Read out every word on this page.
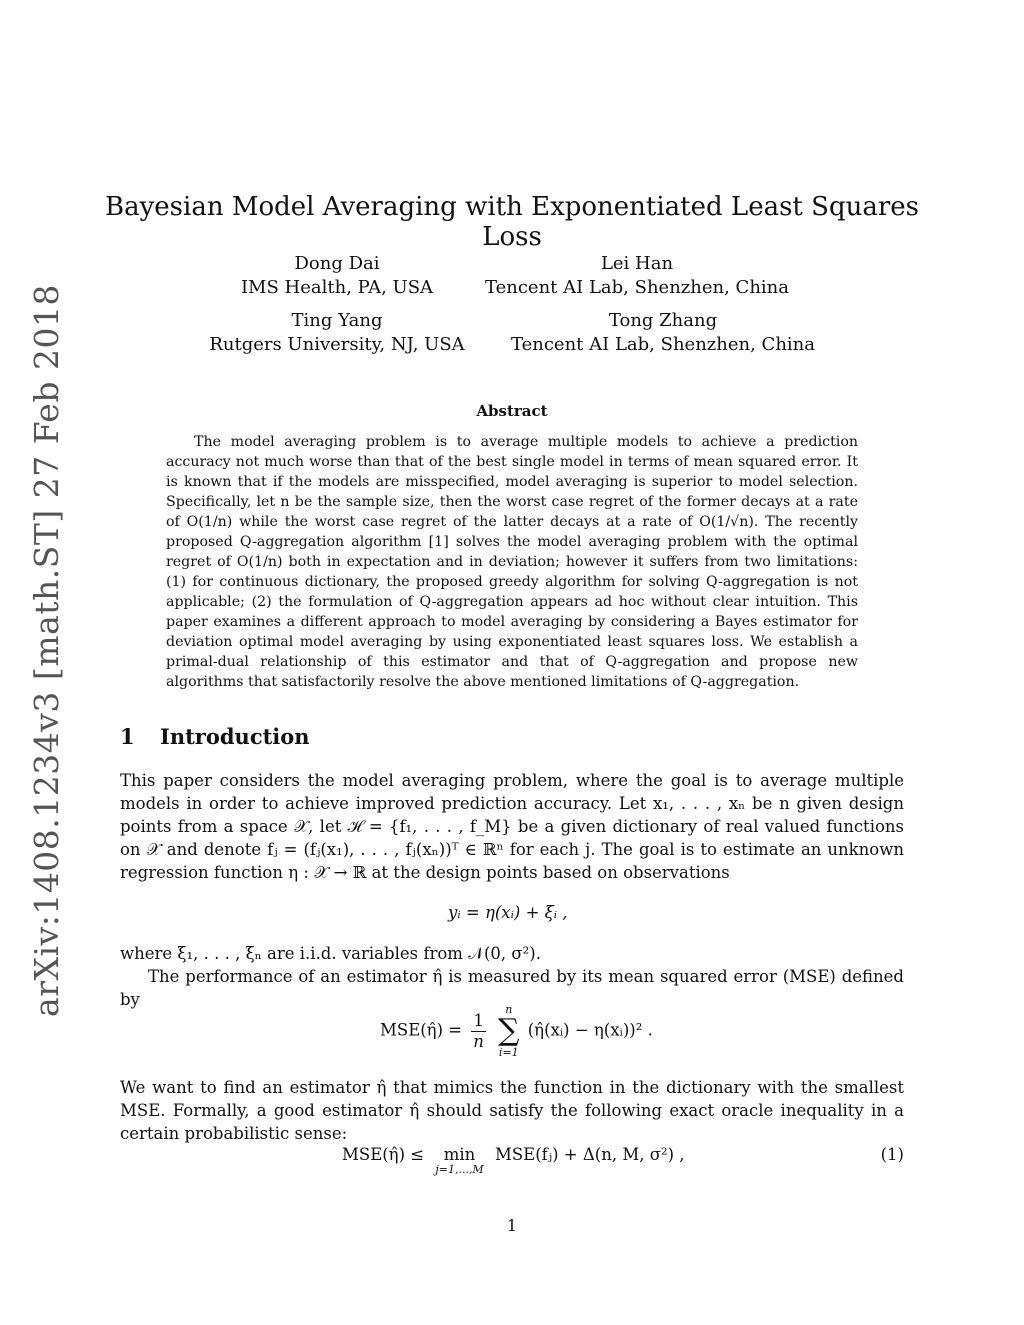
arXiv:1408.1234v3 [math.ST] 27 Feb 2018
Bayesian Model Averaging with Exponentiated Least Squares Loss
Dong Dai
IMS Health, PA, USA
Lei Han
Tencent AI Lab, Shenzhen, China
Ting Yang
Rutgers University, NJ, USA
Tong Zhang
Tencent AI Lab, Shenzhen, China
Abstract
The model averaging problem is to average multiple models to achieve a prediction accuracy not much worse than that of the best single model in terms of mean squared error. It is known that if the models are misspecified, model averaging is superior to model selection. Specifically, let n be the sample size, then the worst case regret of the former decays at a rate of O(1/n) while the worst case regret of the latter decays at a rate of O(1/√n). The recently proposed Q-aggregation algorithm [1] solves the model averaging problem with the optimal regret of O(1/n) both in expectation and in deviation; however it suffers from two limitations: (1) for continuous dictionary, the proposed greedy algorithm for solving Q-aggregation is not applicable; (2) the formulation of Q-aggregation appears ad hoc without clear intuition. This paper examines a different approach to model averaging by considering a Bayes estimator for deviation optimal model averaging by using exponentiated least squares loss. We establish a primal-dual relationship of this estimator and that of Q-aggregation and propose new algorithms that satisfactorily resolve the above mentioned limitations of Q-aggregation.
1 Introduction
This paper considers the model averaging problem, where the goal is to average multiple models in order to achieve improved prediction accuracy. Let x₁, . . . , xₙ be n given design points from a space 𝒳, let ℋ = {f₁, . . . , f_M} be a given dictionary of real valued functions on 𝒳 and denote fⱼ = (fⱼ(x₁), . . . , fⱼ(xₙ))ᵀ ∈ ℝⁿ for each j. The goal is to estimate an unknown regression function η : 𝒳 → ℝ at the design points based on observations
yᵢ = η(xᵢ) + ξᵢ ,
where ξ₁, . . . , ξₙ are i.i.d. variables from 𝒩(0, σ²).
The performance of an estimator η̂ is measured by its mean squared error (MSE) defined by
MSE(η̂) = $\frac{1}{n}$

n
∑
i=1
(η̂(xᵢ) − η(xᵢ))² .
We want to find an estimator η̂ that mimics the function in the dictionary with the smallest MSE. Formally, a good estimator η̂ should satisfy the following exact oracle inequality in a certain probabilistic sense:
MSE(η̂) ≤ min
j=1,...,M
MSE(fⱼ) + Δ(n, M, σ²) ,	(1)
1
